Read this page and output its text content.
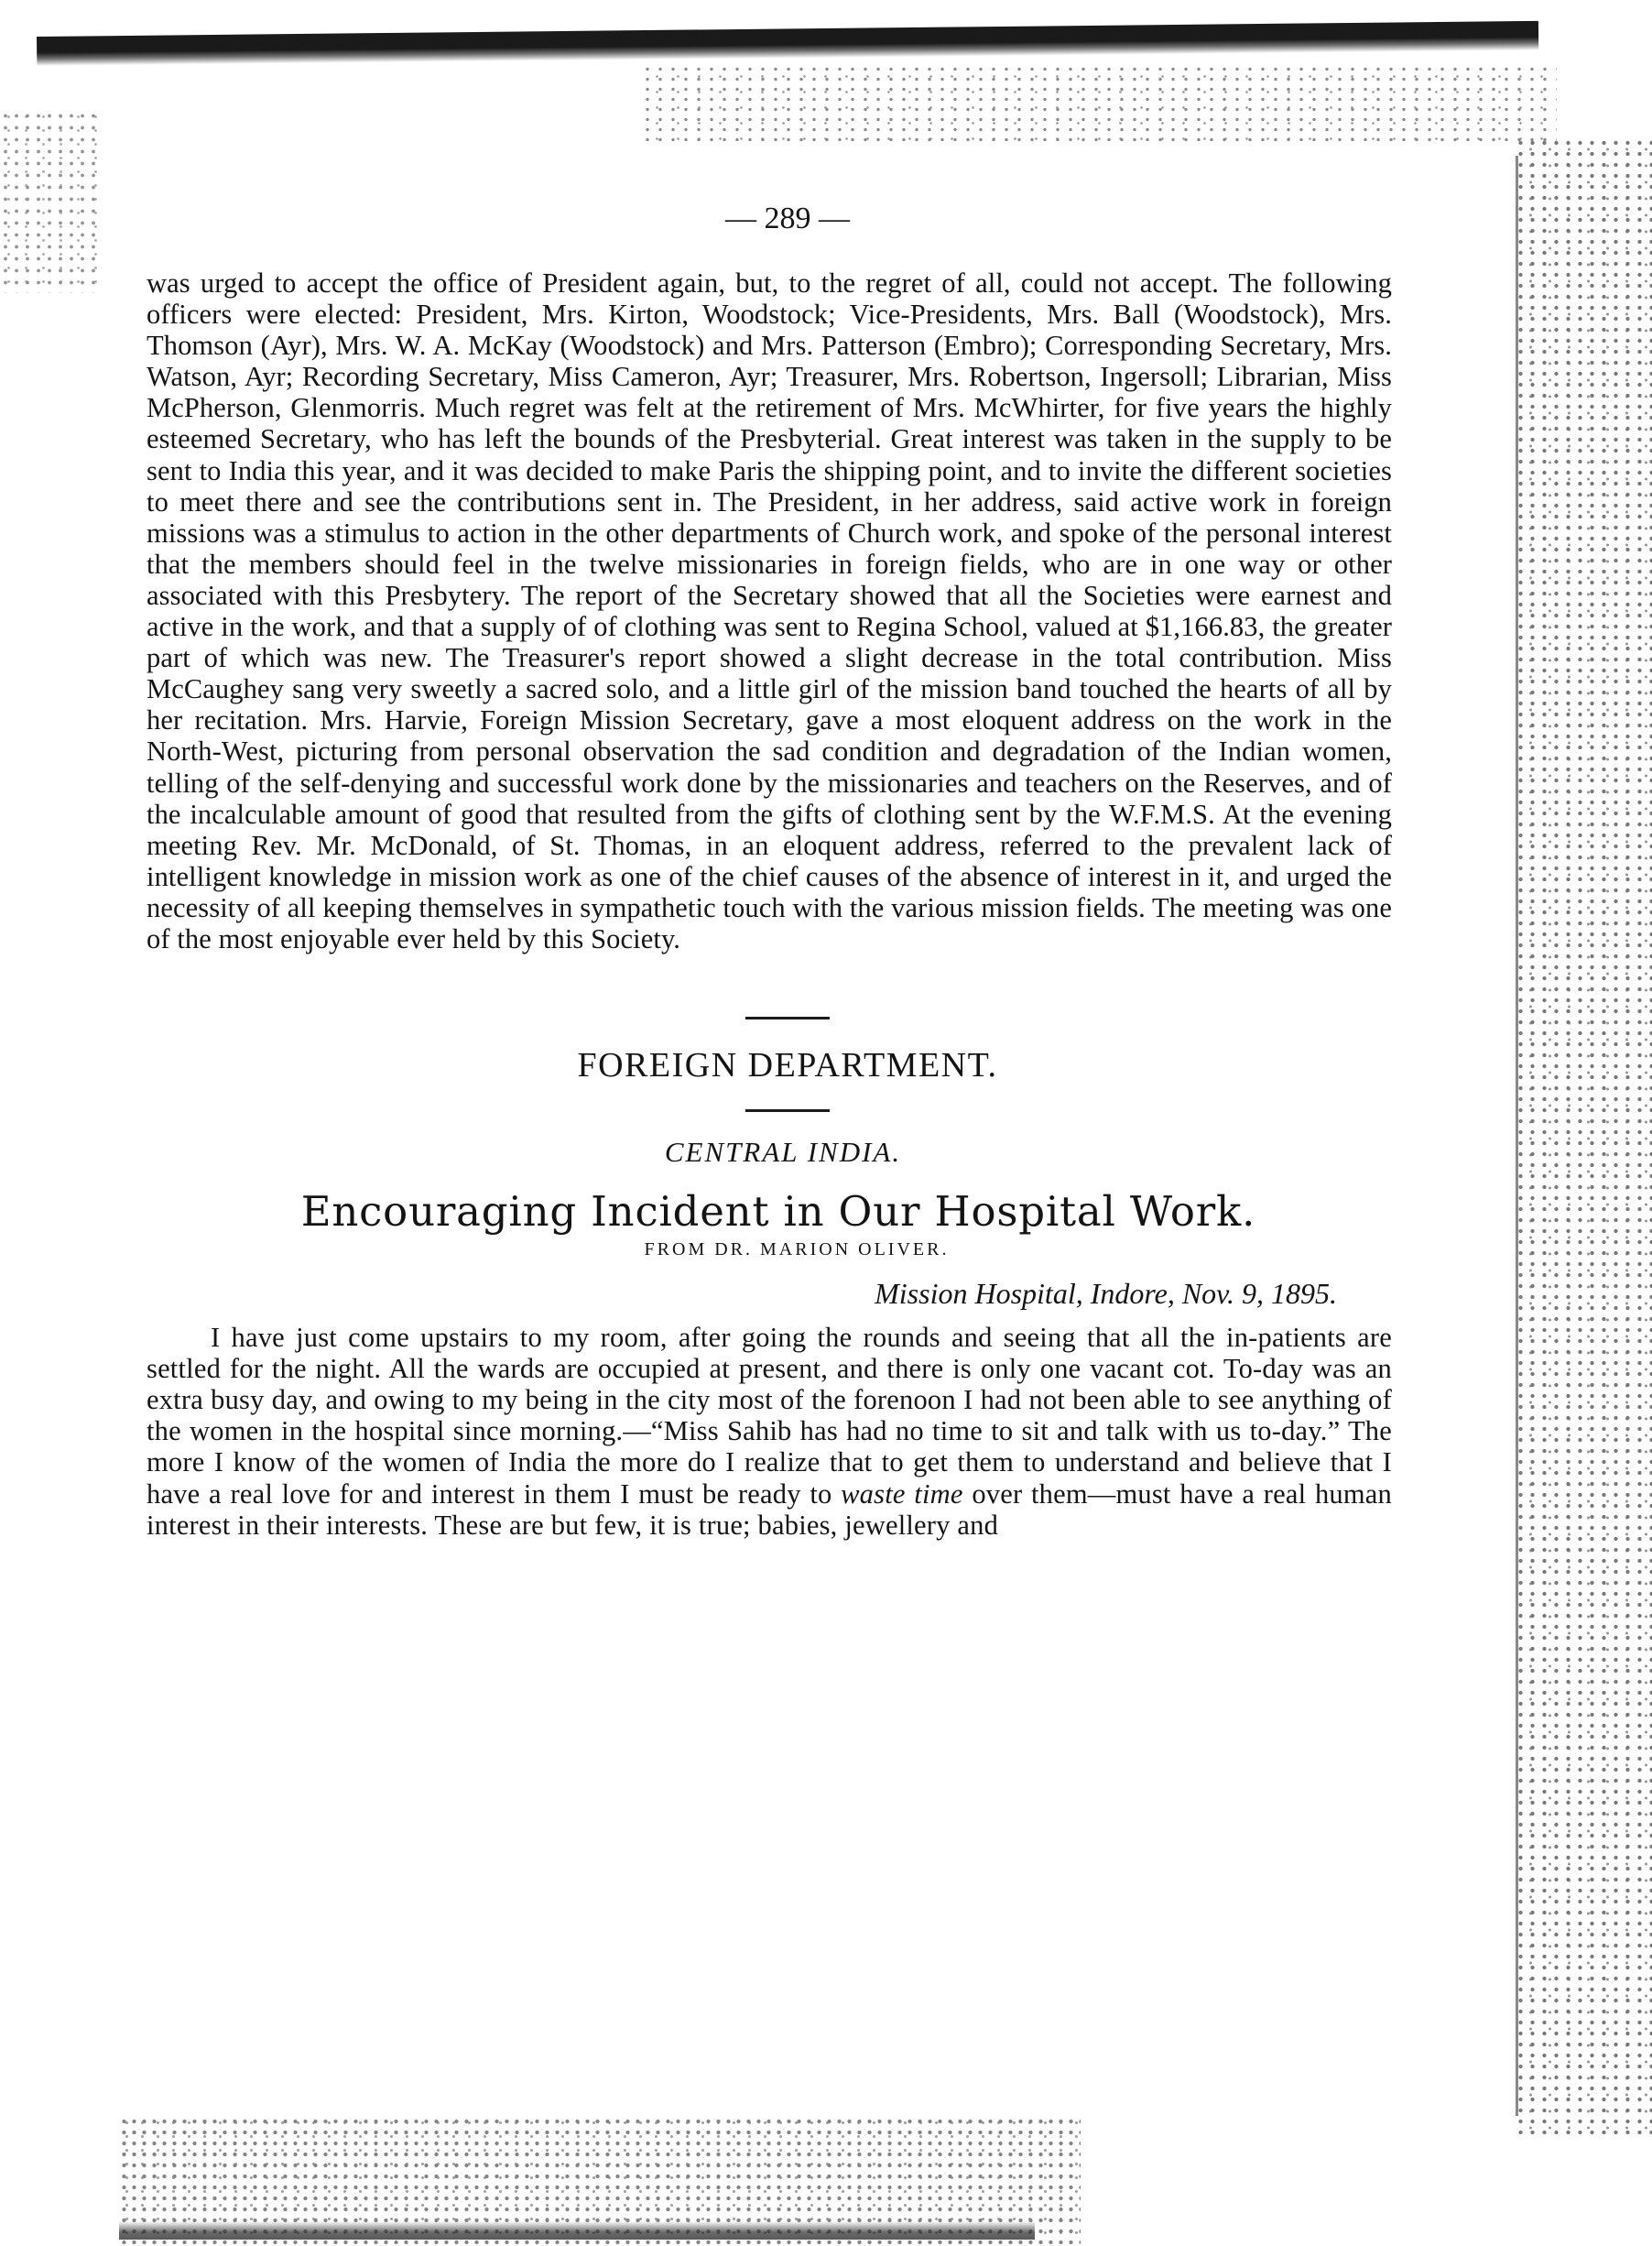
— 289 —

was urged to accept the office of President again, but, to the regret of all, could not accept. The following officers were elected: President, Mrs. Kirton, Woodstock; Vice-Presidents, Mrs. Ball (Woodstock), Mrs. Thomson (Ayr), Mrs. W. A. McKay (Woodstock) and Mrs. Patterson (Embro); Corresponding Secretary, Mrs. Watson, Ayr; Recording Secretary, Miss Cameron, Ayr; Treasurer, Mrs. Robertson, Ingersoll; Librarian, Miss McPherson, Glenmorris. Much regret was felt at the retirement of Mrs. McWhirter, for five years the highly esteemed Secretary, who has left the bounds of the Presbyterial. Great interest was taken in the supply to be sent to India this year, and it was decided to make Paris the shipping point, and to invite the different societies to meet there and see the contributions sent in. The President, in her address, said active work in foreign missions was a stimulus to action in the other departments of Church work, and spoke of the personal interest that the members should feel in the twelve missionaries in foreign fields, who are in one way or other associated with this Presbytery. The report of the Secretary showed that all the Societies were earnest and active in the work, and that a supply of of clothing was sent to Regina School, valued at $1,166.83, the greater part of which was new. The Treasurer's report showed a slight decrease in the total contribution. Miss McCaughey sang very sweetly a sacred solo, and a little girl of the mission band touched the hearts of all by her recitation. Mrs. Harvie, Foreign Mission Secretary, gave a most eloquent address on the work in the North-West, picturing from personal observation the sad condition and degradation of the Indian women, telling of the self-denying and successful work done by the missionaries and teachers on the Reserves, and of the incalculable amount of good that resulted from the gifts of clothing sent by the W.F.M.S. At the evening meeting Rev. Mr. McDonald, of St. Thomas, in an eloquent address, referred to the prevalent lack of intelligent knowledge in mission work as one of the chief causes of the absence of interest in it, and urged the necessity of all keeping themselves in sympathetic touch with the various mission fields. The meeting was one of the most enjoyable ever held by this Society.

FOREIGN DEPARTMENT.
CENTRAL INDIA.
Encouraging Incident in Our Hospital Work.
FROM DR. MARION OLIVER.
Mission Hospital, Indore, Nov. 9, 1895.

I have just come upstairs to my room, after going the rounds and seeing that all the in-patients are settled for the night. All the wards are occupied at present, and there is only one vacant cot. To-day was an extra busy day, and owing to my being in the city most of the forenoon I had not been able to see anything of the women in the hospital since morning.—“Miss Sahib has had no time to sit and talk with us to-day.” The more I know of the women of India the more do I realize that to get them to understand and believe that I have a real love for and interest in them I must be ready to waste time over them—must have a real human interest in their interests. These are but few, it is true; babies, jewellery and
